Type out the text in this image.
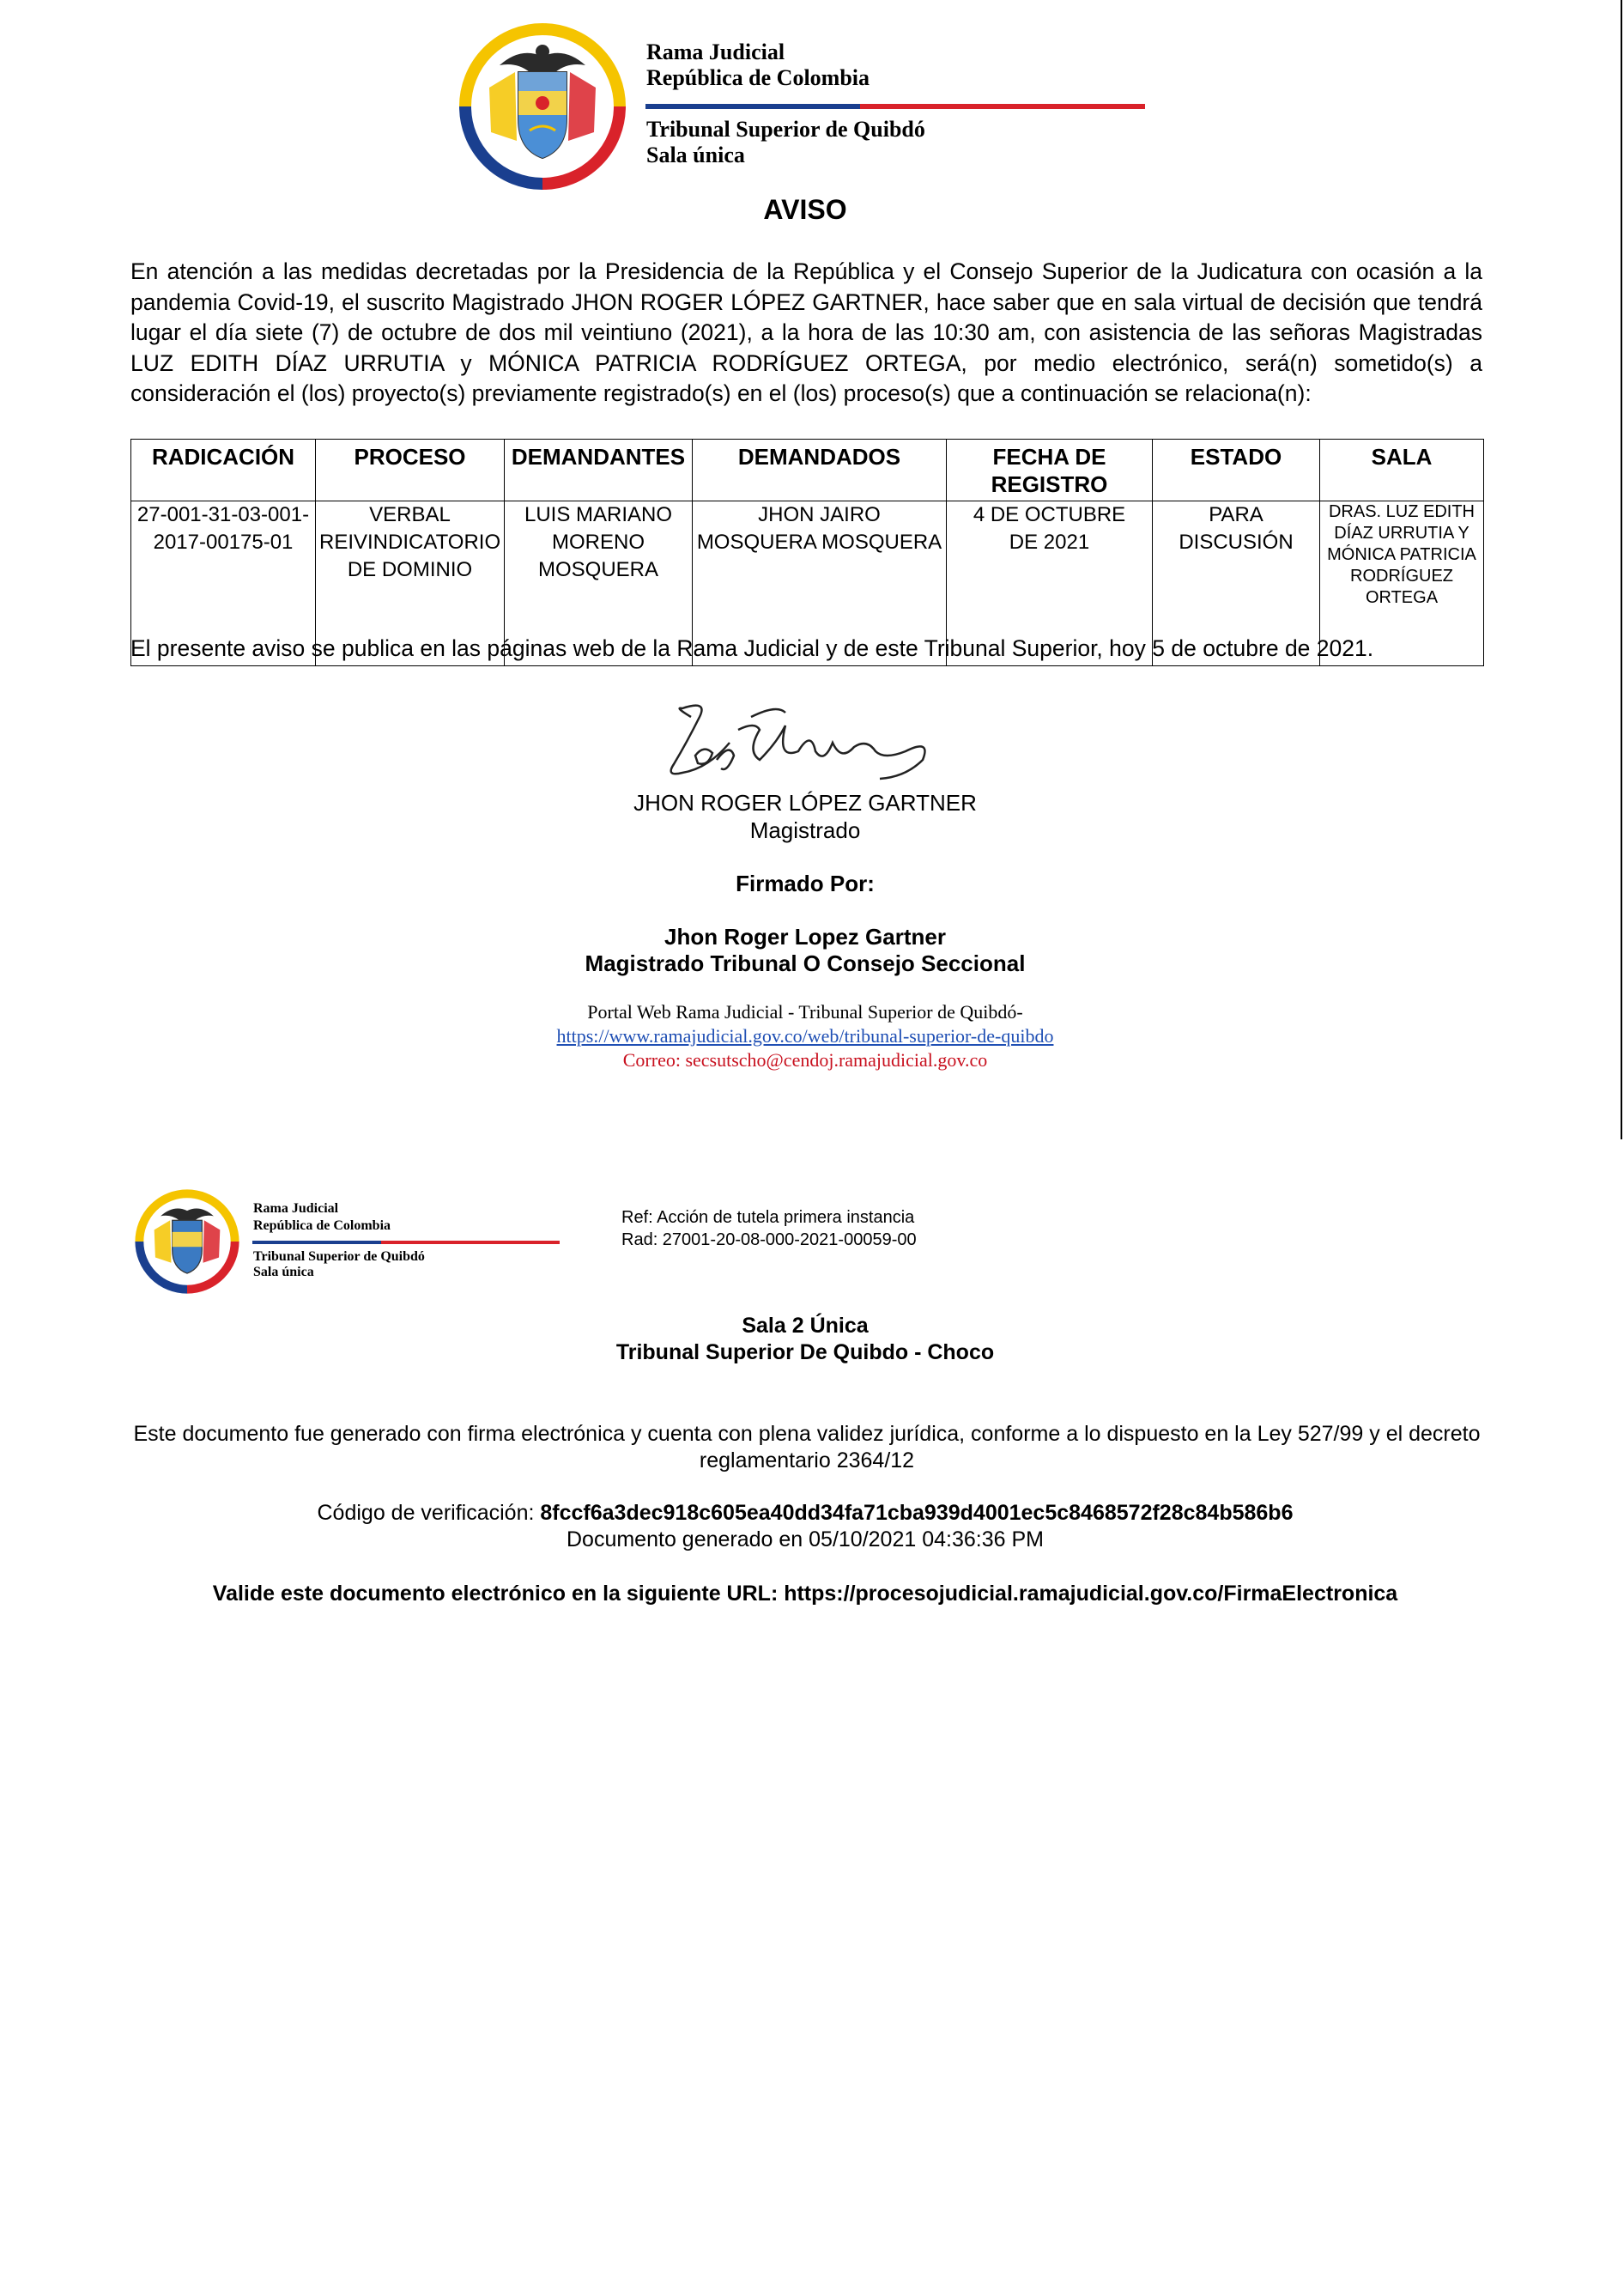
Rama Judicial
República de Colombia
Tribunal Superior de Quibdó
Sala única
AVISO
En atención a las medidas decretadas por la Presidencia de la República y el Consejo Superior de la Judicatura con ocasión a la pandemia Covid-19, el suscrito Magistrado JHON ROGER LÓPEZ GARTNER, hace saber que en sala virtual de decisión que tendrá lugar el día siete (7) de octubre de dos mil veintiuno (2021), a la hora de las 10:30 am, con asistencia de las señoras Magistradas LUZ EDITH DÍAZ URRUTIA y MÓNICA PATRICIA RODRÍGUEZ ORTEGA, por medio electrónico, será(n) sometido(s) a consideración el (los) proyecto(s) previamente registrado(s) en el (los) proceso(s) que a continuación se relaciona(n):
RADICACIÓN	PROCESO	DEMANDANTES	DEMANDADOS	FECHA DE REGISTRO	ESTADO	SALA
27-001-31-03-001-2017-00175-01	VERBAL REIVINDICATORIO DE DOMINIO	LUIS MARIANO MORENO MOSQUERA	JHON JAIRO MOSQUERA MOSQUERA	4 DE OCTUBRE DE 2021	PARA DISCUSIÓN	DRAS. LUZ EDITH DÍAZ URRUTIA Y MÓNICA PATRICIA RODRÍGUEZ ORTEGA
El presente aviso se publica en las páginas web de la Rama Judicial y de este Tribunal Superior, hoy 5 de octubre de 2021.
JHON ROGER LÓPEZ GARTNER
Magistrado
Firmado Por:
Jhon Roger Lopez Gartner
Magistrado Tribunal O Consejo Seccional
Portal Web Rama Judicial - Tribunal Superior de Quibdó-
https://www.ramajudicial.gov.co/web/tribunal-superior-de-quibdo
Correo: secsutscho@cendoj.ramajudicial.gov.co
Rama Judicial
República de Colombia
Tribunal Superior de Quibdó
Sala única
Ref: Acción de tutela primera instancia
Rad: 27001-20-08-000-2021-00059-00
Sala 2 Única
Tribunal Superior De Quibdo - Choco
Este documento fue generado con firma electrónica y cuenta con plena validez jurídica, conforme a lo dispuesto en la Ley 527/99 y el decreto reglamentario 2364/12
Código de verificación: 8fccf6a3dec918c605ea40dd34fa71cba939d4001ec5c8468572f28c84b586b6
Documento generado en 05/10/2021 04:36:36 PM
Valide este documento electrónico en la siguiente URL: https://procesojudicial.ramajudicial.gov.co/FirmaElectronica
